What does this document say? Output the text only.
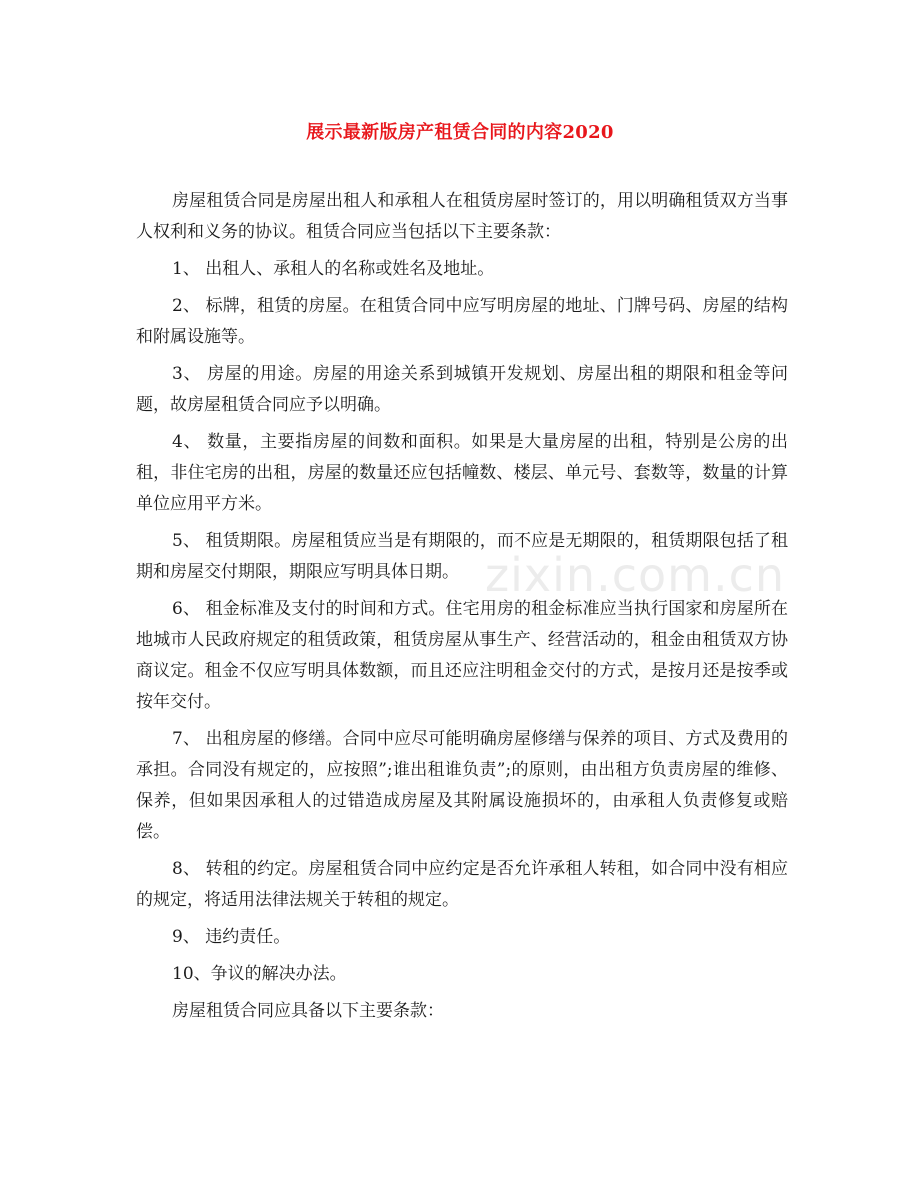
展示最新版房产租赁合同的内容2020

房屋租赁合同是房屋出租人和承租人在租赁房屋时签订的，用以明确租赁双方当事人权利和义务的协议。租赁合同应当包括以下主要条款：

1、 出租人、承租人的名称或姓名及地址。

2、 标牌，租赁的房屋。在租赁合同中应写明房屋的地址、门牌号码、房屋的结构和附属设施等。

3、 房屋的用途。房屋的用途关系到城镇开发规划、房屋出租的期限和租金等问题，故房屋租赁合同应予以明确。

4、 数量，主要指房屋的间数和面积。如果是大量房屋的出租，特别是公房的出租，非住宅房的出租，房屋的数量还应包括幢数、楼层、单元号、套数等，数量的计算单位应用平方米。

5、 租赁期限。房屋租赁应当是有期限的，而不应是无期限的，租赁期限包括了租期和房屋交付期限，期限应写明具体日期。

6、 租金标准及支付的时间和方式。住宅用房的租金标准应当执行国家和房屋所在地城市人民政府规定的租赁政策，租赁房屋从事生产、经营活动的，租金由租赁双方协商议定。租金不仅应写明具体数额，而且还应注明租金交付的方式，是按月还是按季或按年交付。

7、 出租房屋的修缮。合同中应尽可能明确房屋修缮与保养的项目、方式及费用的承担。合同没有规定的，应按照”;谁出租谁负责”;的原则，由出租方负责房屋的维修、保养，但如果因承租人的过错造成房屋及其附属设施损坏的，由承租人负责修复或赔偿。

8、 转租的约定。房屋租赁合同中应约定是否允许承租人转租，如合同中没有相应的规定，将适用法律法规关于转租的规定。

9、 违约责任。

10、争议的解决办法。

房屋租赁合同应具备以下主要条款：

zixin.com.cn
